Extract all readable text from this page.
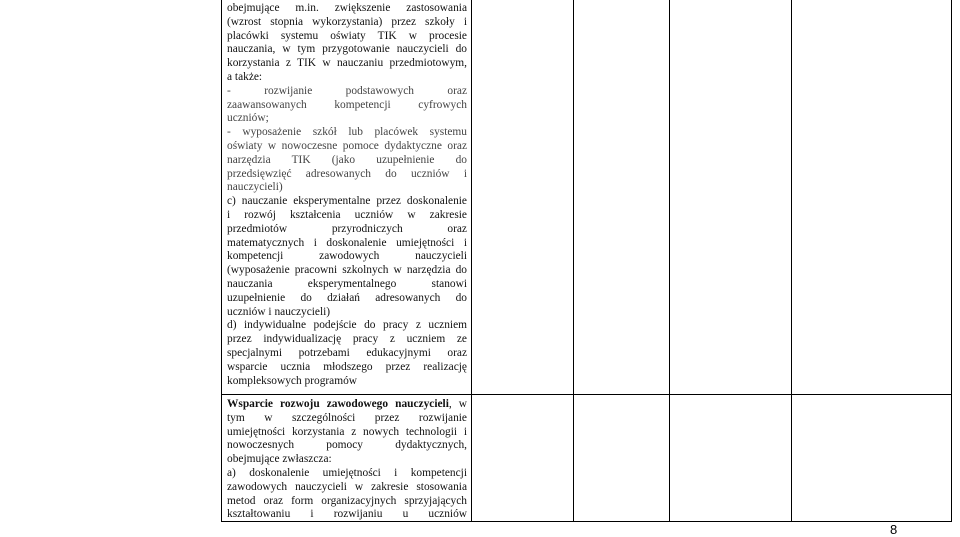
obejmujące m.in. zwiększenie zastosowania

(wzrost stopnia wykorzystania) przez szkoły i

placówki systemu oświaty TIK w procesie

nauczania, w tym przygotowanie nauczycieli do

korzystania z TIK w nauczaniu przedmiotowym,

a także:

- rozwijanie podstawowych oraz

zaawansowanych kompetencji cyfrowych

uczniów;

- wyposażenie szkół lub placówek systemu

oświaty w nowoczesne pomoce dydaktyczne oraz

narzędzia TIK (jako uzupełnienie do

przedsięwzięć adresowanych do uczniów i

nauczycieli)

c) nauczanie eksperymentalne przez doskonalenie

i rozwój kształcenia uczniów w zakresie

przedmiotów przyrodniczych oraz

matematycznych i doskonalenie umiejętności i

kompetencji zawodowych nauczycieli

(wyposażenie pracowni szkolnych w narzędzia do

nauczania eksperymentalnego stanowi

uzupełnienie do działań adresowanych do

uczniów i nauczycieli)

d) indywidualne podejście do pracy z uczniem

przez indywidualizację pracy z uczniem ze

specjalnymi potrzebami edukacyjnymi oraz

wsparcie ucznia młodszego przez realizację

kompleksowych programów

Wsparcie rozwoju zawodowego nauczycieli, w

tym w szczególności przez rozwijanie

umiejętności korzystania z nowych technologii i

nowoczesnych pomocy dydaktycznych,

obejmujące zwłaszcza:

a) doskonalenie umiejętności i kompetencji

zawodowych nauczycieli w zakresie stosowania

metod oraz form organizacyjnych sprzyjających

kształtowaniu i rozwijaniu u uczniów

8
